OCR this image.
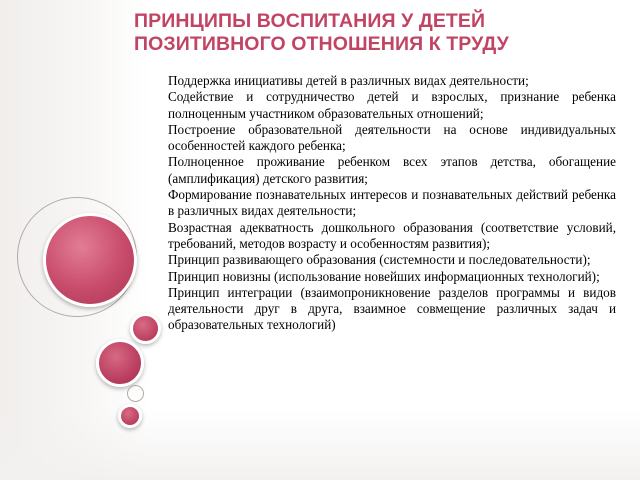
ПРИНЦИПЫ ВОСПИТАНИЯ У ДЕТЕЙ
ПОЗИТИВНОГО ОТНОШЕНИЯ К ТРУДУ

Поддержка инициативы детей в различных видах деятельности;

Содействие и сотрудничество детей и взрослых, признание ребенка полноценным участником образовательных отношений;

Построение образовательной деятельности на основе индивидуальных особенностей каждого ребенка;

Полноценное проживание ребенком всех этапов детства, обогащение (амплификация) детского развития;

Формирование познавательных интересов и познавательных действий ребенка в различных видах деятельности;

Возрастная адекватность дошкольного образования (соответствие условий, требований, методов возрасту и особенностям развития);

Принцип развивающего образования (системности и последовательности);

Принцип новизны (использование новейших информационных технологий);

Принцип интеграции (взаимопроникновение разделов программы и видов деятельности друг в друга, взаимное совмещение различных задач и образовательных технологий)
